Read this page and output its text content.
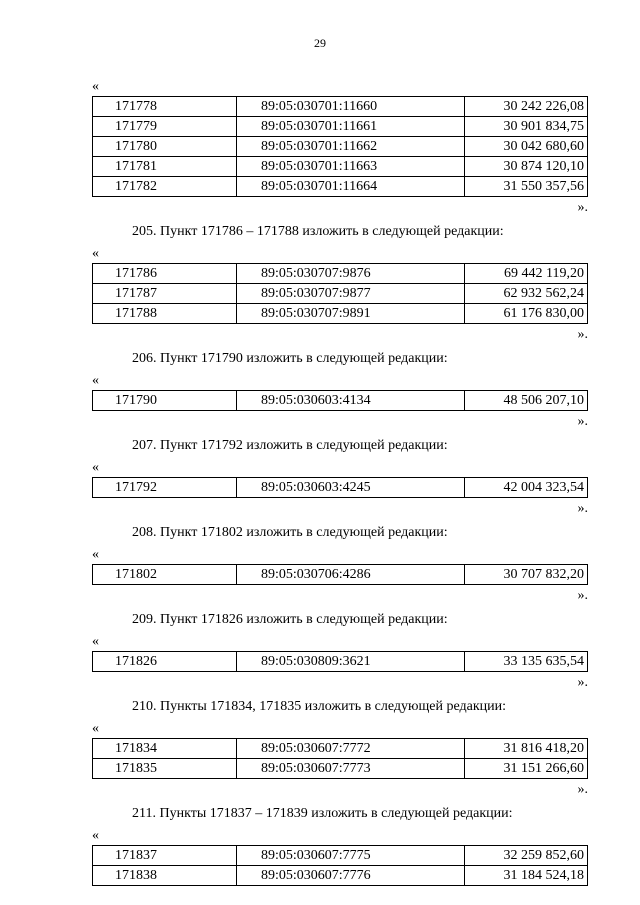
29
«
171778	89:05:030701:11660	30 242 226,08
171779	89:05:030701:11661	30 901 834,75
171780	89:05:030701:11662	30 042 680,60
171781	89:05:030701:11663	30 874 120,10
171782	89:05:030701:11664	31 550 357,56
».
205. Пункт 171786 – 171788 изложить в следующей редакции:
«
171786	89:05:030707:9876	69 442 119,20
171787	89:05:030707:9877	62 932 562,24
171788	89:05:030707:9891	61 176 830,00
».
206. Пункт 171790 изложить в следующей редакции:
«
171790	89:05:030603:4134	48 506 207,10
».
207. Пункт 171792 изложить в следующей редакции:
«
171792	89:05:030603:4245	42 004 323,54
».
208. Пункт 171802 изложить в следующей редакции:
«
171802	89:05:030706:4286	30 707 832,20
».
209. Пункт 171826 изложить в следующей редакции:
«
171826	89:05:030809:3621	33 135 635,54
».
210. Пункты 171834, 171835 изложить в следующей редакции:
«
171834	89:05:030607:7772	31 816 418,20
171835	89:05:030607:7773	31 151 266,60
».
211. Пункты 171837 – 171839 изложить в следующей редакции:
«
171837	89:05:030607:7775	32 259 852,60
171838	89:05:030607:7776	31 184 524,18
